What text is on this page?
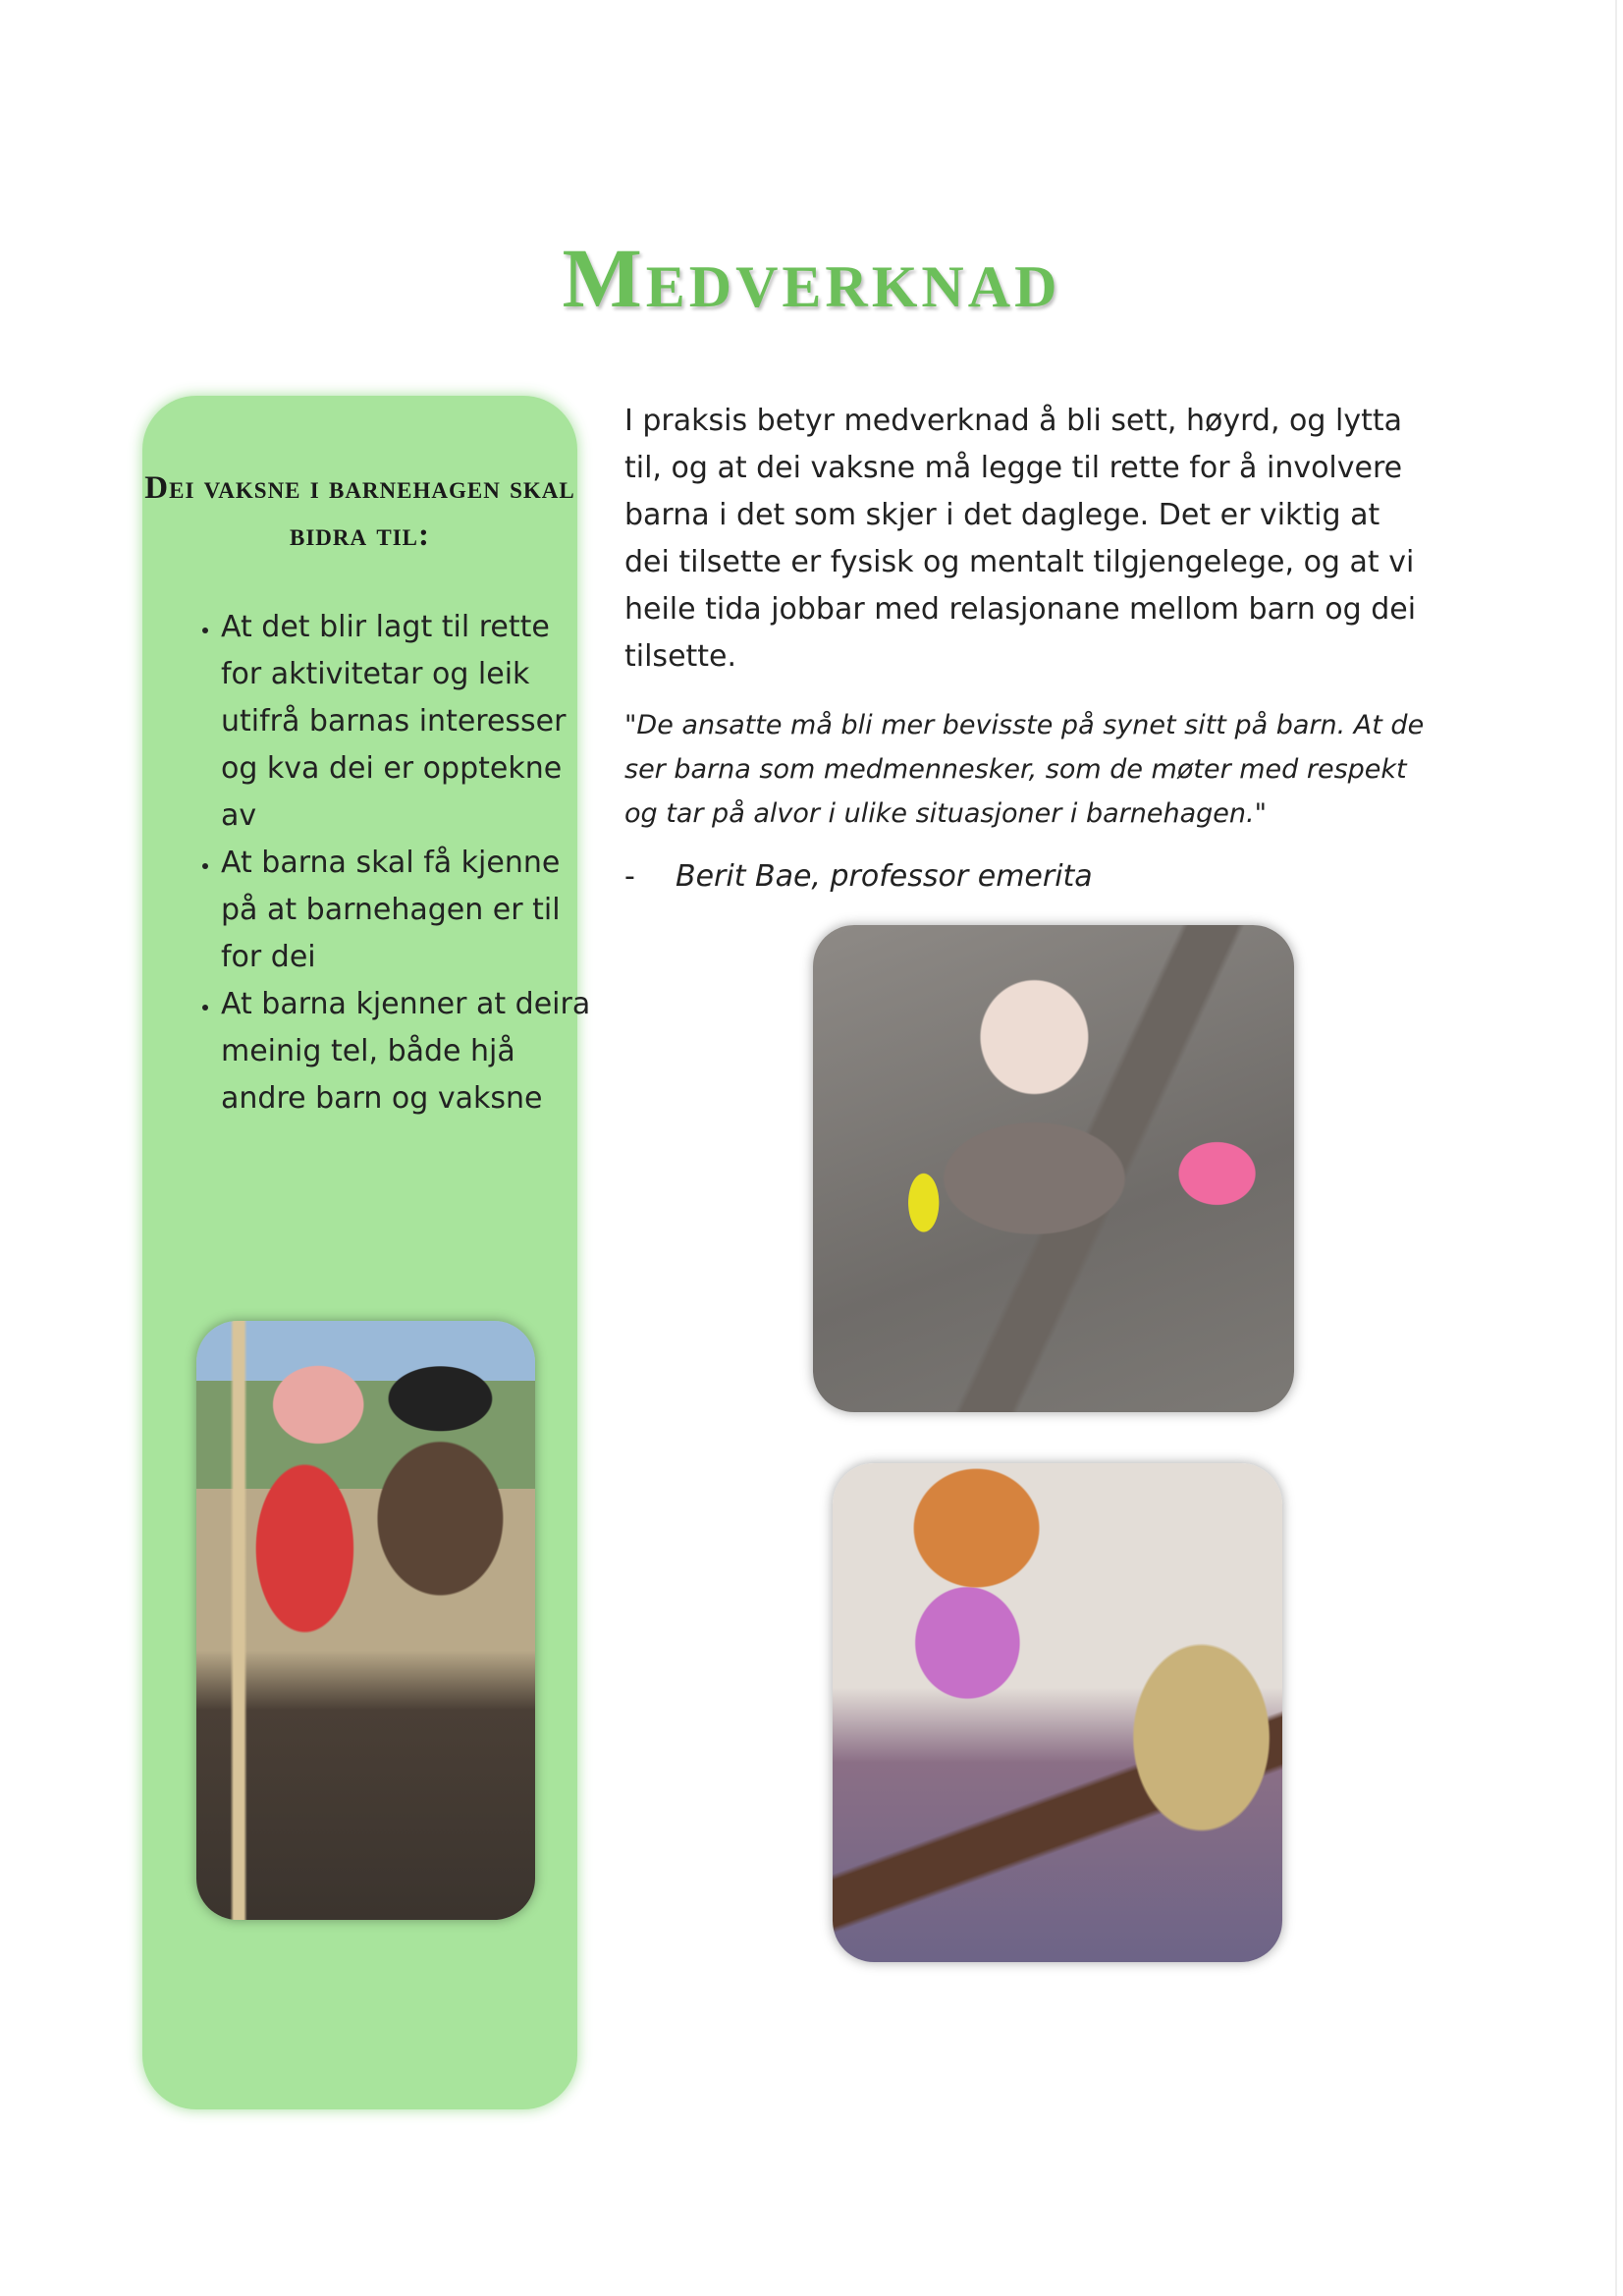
Medverknad
Dei vaksne i barnehagen skal bidra til:
• At det blir lagt til rette for aktivitetar og leik utifrå barnas interesser og kva dei er opptekne av
• At barna skal få kjenne på at barnehagen er til for dei
• At barna kjenner at deira meinig tel, både hjå andre barn og vaksne

I praksis betyr medverknad å bli sett, høyrd, og lytta til, og at dei vaksne må legge til rette for å involvere barna i det som skjer i det daglege. Det er viktig at dei tilsette er fysisk og mentalt tilgjengelege, og at vi heile tida jobbar med relasjonane mellom barn og dei tilsette.

"De ansatte må bli mer bevisste på synet sitt på barn. At de ser barna som medmennesker, som de møter med respekt og tar på alvor i ulike situasjoner i barnehagen."

-	Berit Bae, professor emerita
